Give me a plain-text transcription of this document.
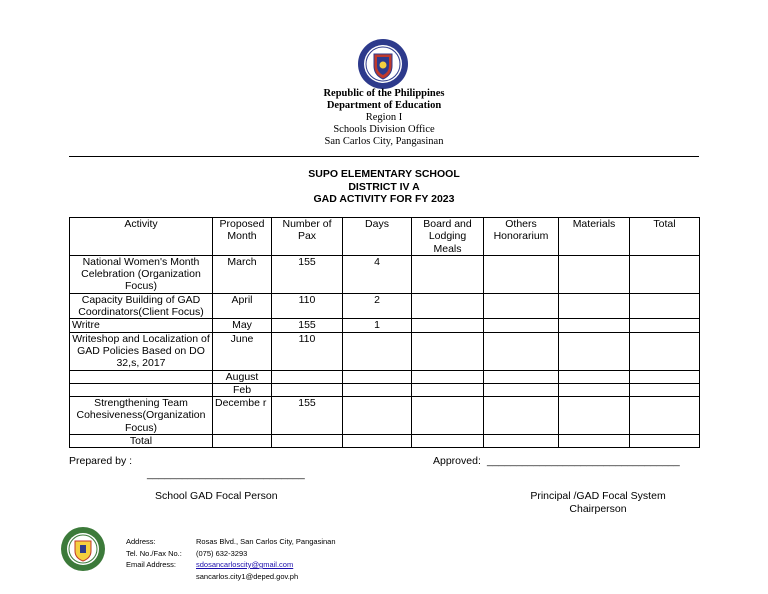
Republic of the Philippines
Department of Education
Region I
Schools Division Office
San Carlos City, Pangasinan
SUPO ELEMENTARY SCHOOL
DISTRICT IV A
GAD ACTIVITY FOR FY 2023
Activity	Proposed Month	Number of Pax	Days	Board and Lodging Meals	Others Honorarium	Materials	Total
National Women's Month Celebration (Organization Focus)	March	155	4				
Capacity Building of GAD Coordinators(Client Focus)	April	110	2				
Writre	May	155	1				
Writeshop and Localization of GAD Policies Based on DO 32,s, 2017	June	110					
	August						
	Feb						
Strengthening Team Cohesiveness(Organization Focus)	Decembe r	155					
Total							
Prepared by :
___________________________
School GAD Focal Person
Approved: _________________________________
Principal /GAD Focal System
Chairperson
Address:	Rosas Blvd., San Carlos City, Pangasinan
Tel. No./Fax No.: (075) 632-3293
Email Address:	sdosancarloscity@gmail.com
sancarlos.city1@deped.gov.ph
